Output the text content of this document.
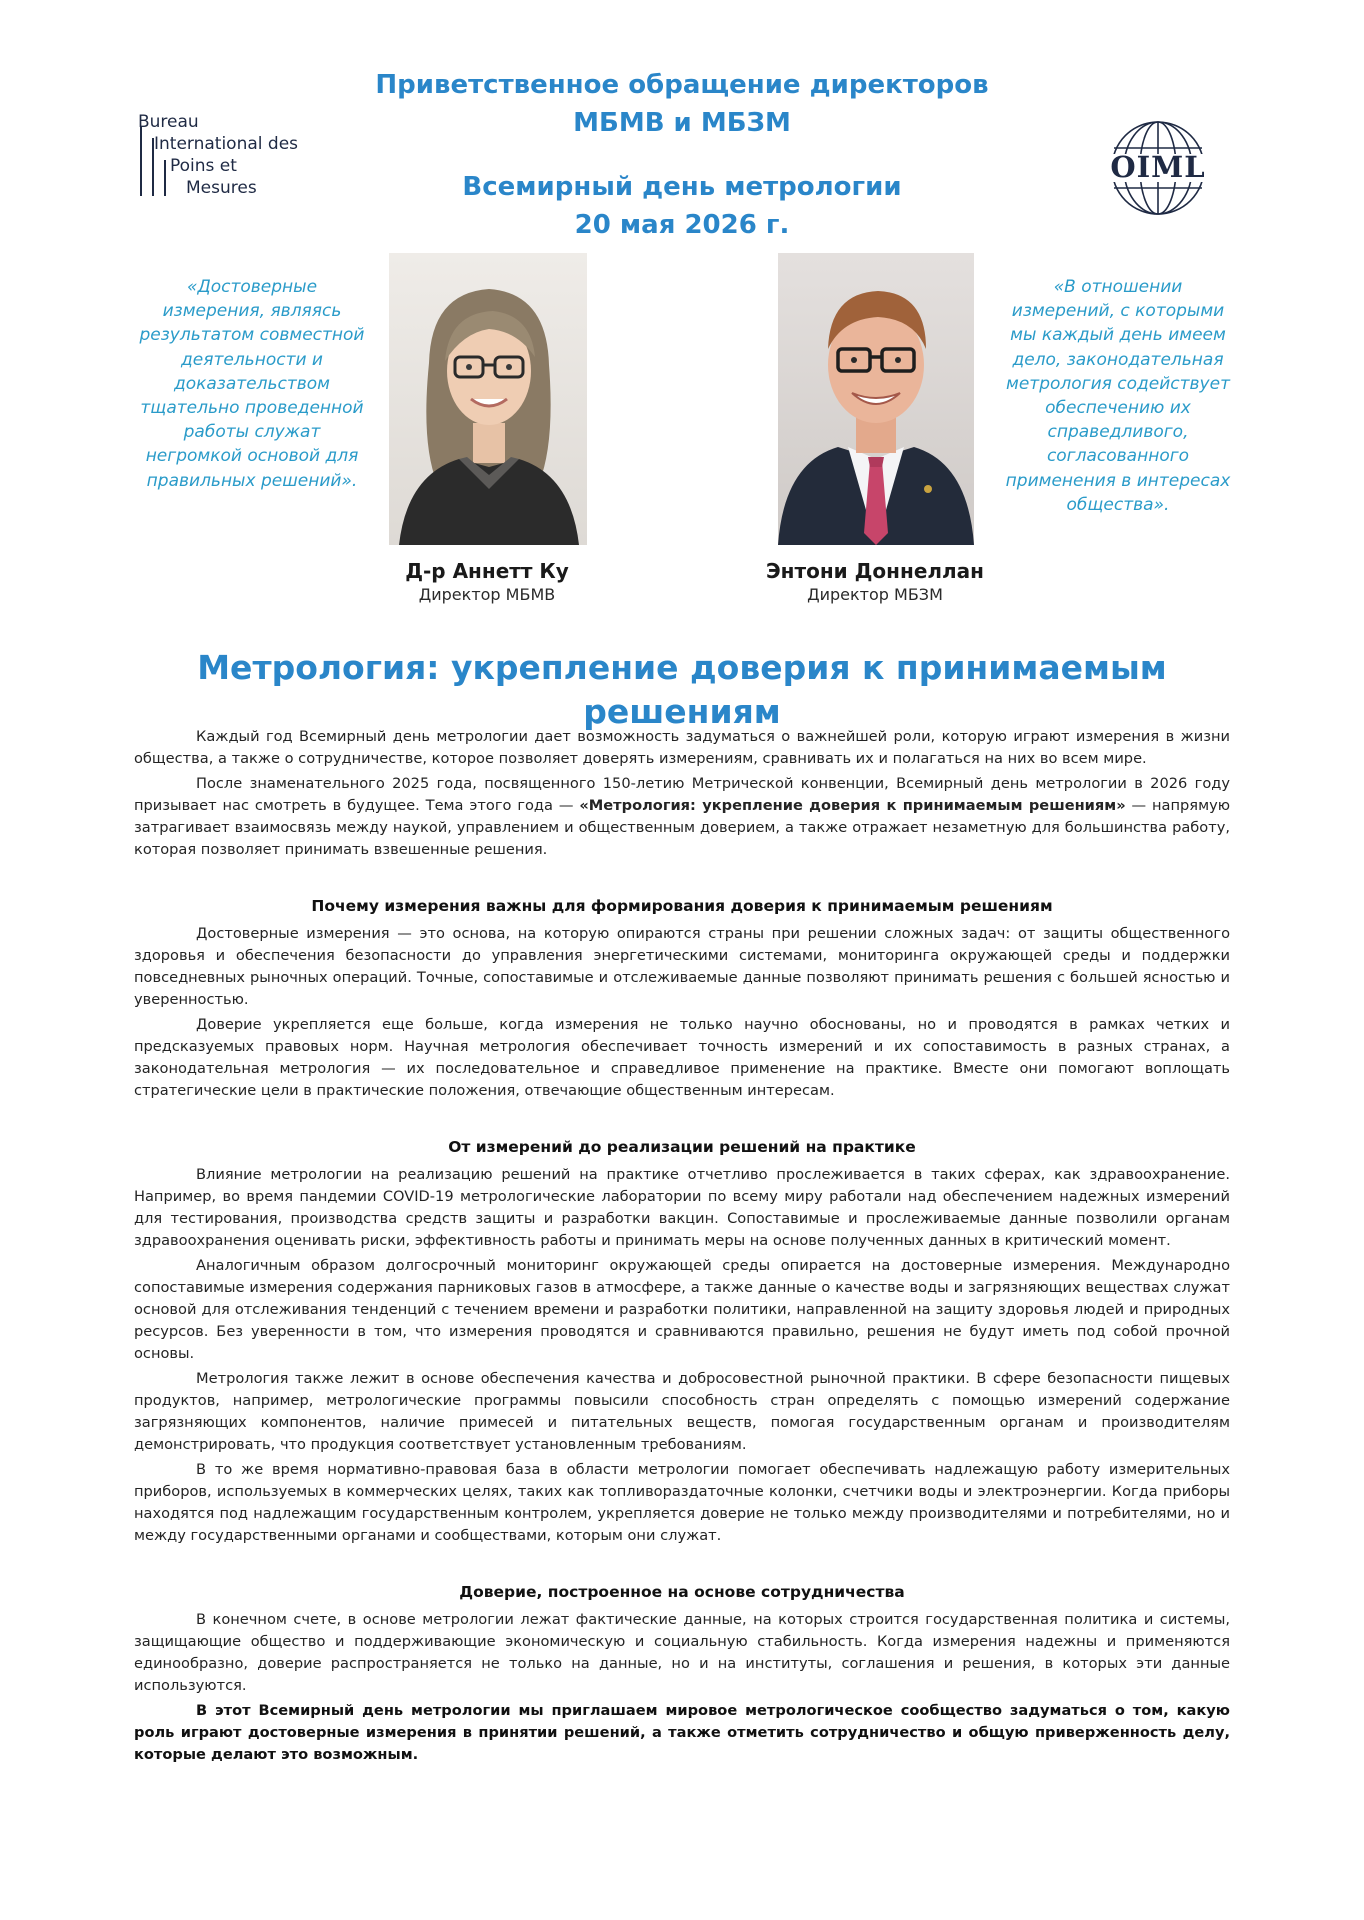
Приветственное обращение директоров
МБМВ и МБЗМ
Всемирный день метрологии
20 мая 2026 г.
Bureau
International des
Poins et
Mesures
OIML
«Достоверные измерения, являясь результатом совместной деятельности и доказательством тщательно проведенной работы служат негромкой основой для правильных решений».
«В отношении измерений, с которыми мы каждый день имеем дело, законодательная метрология содействует обеспечению их справедливого, согласованного применения в интересах общества».
Д-р Аннетт Ку
Директор МБМВ
Энтони Доннеллан
Директор МБЗМ
Метрология: укрепление доверия к принимаемым решениям

Каждый год Всемирный день метрологии дает возможность задуматься о важнейшей роли, которую играют измерения в жизни общества, а также о сотрудничестве, которое позволяет доверять измерениям, сравнивать их и полагаться на них во всем мире.

После знаменательного 2025 года, посвященного 150-летию Метрической конвенции, Всемирный день метрологии в 2026 году призывает нас смотреть в будущее. Тема этого года — «Метрология: укрепление доверия к принимаемым решениям» — напрямую затрагивает взаимосвязь между наукой, управлением и общественным доверием, а также отражает незаметную для большинства работу, которая позволяет принимать взвешенные решения.

Почему измерения важны для формирования доверия к принимаемым решениям

Достоверные измерения — это основа, на которую опираются страны при решении сложных задач: от защиты общественного здоровья и обеспечения безопасности до управления энергетическими системами, мониторинга окружающей среды и поддержки повседневных рыночных операций. Точные, сопоставимые и отслеживаемые данные позволяют принимать решения с большей ясностью и уверенностью.

Доверие укрепляется еще больше, когда измерения не только научно обоснованы, но и проводятся в рамках четких и предсказуемых правовых норм. Научная метрология обеспечивает точность измерений и их сопоставимость в разных странах, а законодательная метрология — их последовательное и справедливое применение на практике. Вместе они помогают воплощать стратегические цели в практические положения, отвечающие общественным интересам.

От измерений до реализации решений на практике

Влияние метрологии на реализацию решений на практике отчетливо прослеживается в таких сферах, как здравоохранение. Например, во время пандемии COVID-19 метрологические лаборатории по всему миру работали над обеспечением надежных измерений для тестирования, производства средств защиты и разработки вакцин. Сопоставимые и прослеживаемые данные позволили органам здравоохранения оценивать риски, эффективность работы и принимать меры на основе полученных данных в критический момент.

Аналогичным образом долгосрочный мониторинг окружающей среды опирается на достоверные измерения. Международно сопоставимые измерения содержания парниковых газов в атмосфере, а также данные о качестве воды и загрязняющих веществах служат основой для отслеживания тенденций с течением времени и разработки политики, направленной на защиту здоровья людей и природных ресурсов. Без уверенности в том, что измерения проводятся и сравниваются правильно, решения не будут иметь под собой прочной основы.

Метрология также лежит в основе обеспечения качества и добросовестной рыночной практики. В сфере безопасности пищевых продуктов, например, метрологические программы повысили способность стран определять с помощью измерений содержание загрязняющих компонентов, наличие примесей и питательных веществ, помогая государственным органам и производителям демонстрировать, что продукция соответствует установленным требованиям.

В то же время нормативно-правовая база в области метрологии помогает обеспечивать надлежащую работу измерительных приборов, используемых в коммерческих целях, таких как топливораздаточные колонки, счетчики воды и электроэнергии. Когда приборы находятся под надлежащим государственным контролем, укрепляется доверие не только между производителями и потребителями, но и между государственными органами и сообществами, которым они служат.

Доверие, построенное на основе сотрудничества

В конечном счете, в основе метрологии лежат фактические данные, на которых строится государственная политика и системы, защищающие общество и поддерживающие экономическую и социальную стабильность. Когда измерения надежны и применяются единообразно, доверие распространяется не только на данные, но и на институты, соглашения и решения, в которых эти данные используются.

В этот Всемирный день метрологии мы приглашаем мировое метрологическое сообщество задуматься о том, какую роль играют достоверные измерения в принятии решений, а также отметить сотрудничество и общую приверженность делу, которые делают это возможным.
